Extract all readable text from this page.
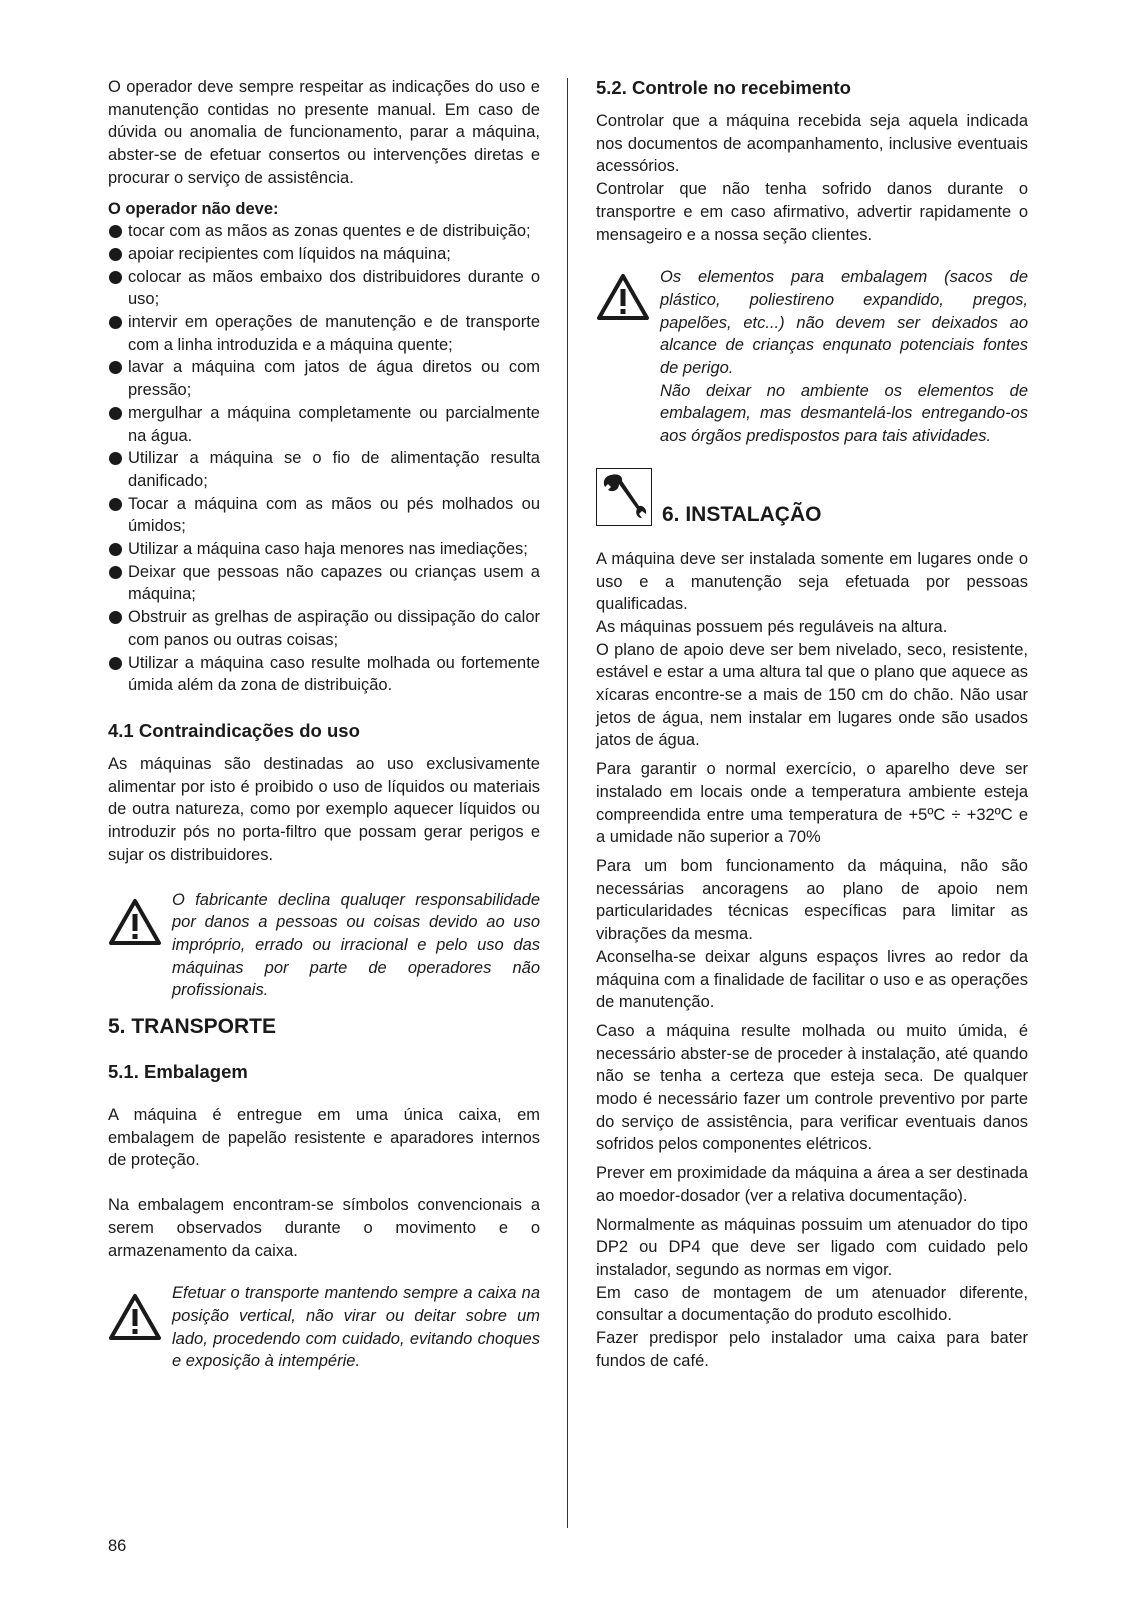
O operador deve sempre respeitar as indicações do uso e manutenção contidas no presente manual. Em caso de dúvida ou anomalia de funcionamento, parar a máquina, abster-se de efetuar consertos ou intervenções diretas e procurar o serviço de assistência.

O operador não deve:

tocar com as mãos as zonas quentes e de distribuição;
apoiar recipientes com líquidos na máquina;
colocar as mãos embaixo dos distribuidores durante o uso;
intervir em operações de manutenção e de transporte com a linha introduzida e a máquina quente;
lavar a máquina com jatos de água diretos ou com pressão;
mergulhar a máquina completamente ou parcialmente na água.
Utilizar a máquina se o fio de alimentação resulta danificado;
Tocar a máquina com as mãos ou pés molhados ou úmidos;
Utilizar a máquina caso haja menores nas imediações;
Deixar que pessoas não capazes ou crianças usem a máquina;
Obstruir as grelhas de aspiração ou dissipação do calor com panos ou outras coisas;
Utilizar a máquina caso resulte molhada ou fortemente úmida além da zona de distribuição.
4.1 Contraindicações do uso

As máquinas são destinadas ao uso exclusivamente alimentar por isto é proibido o uso de líquidos ou materiais de outra natureza, como por exemplo aquecer líquidos ou introduzir pós no porta-filtro que possam gerar perigos e sujar os distribuidores.

O fabricante declina qualuqer responsabilidade por danos a pessoas ou coisas devido ao uso impróprio, errado ou irracional e pelo uso das máquinas por parte de operadores não profissionais.

5. TRANSPORTE
5.1. Embalagem

A máquina é entregue em uma única caixa, em embalagem de papelão resistente e aparadores internos de proteção.

Na embalagem encontram-se símbolos convencionais a serem observados durante o movimento e o armazenamento da caixa.

Efetuar o transporte mantendo sempre a caixa na posição vertical, não virar ou deitar sobre um lado, procedendo com cuidado, evitando choques e exposição à intempérie.

5.2. Controle no recebimento

Controlar que a máquina recebida seja aquela indicada nos documentos de acompanhamento, inclusive eventuais acessórios.

Controlar que não tenha sofrido danos durante o transportre e em caso afirmativo, advertir rapidamente o mensageiro e a nossa seção clientes.

Os elementos para embalagem (sacos de plástico, poliestireno expandido, pregos, papelões, etc...) não devem ser deixados ao alcance de crianças enqunato potenciais fontes de perigo.

Não deixar no ambiente os elementos de embalagem, mas desmantelá-los entregando-os aos órgãos predispostos para tais atividades.

6. INSTALAÇÃO

A máquina deve ser instalada somente em lugares onde o uso e a manutenção seja efetuada por pessoas qualificadas.

As máquinas possuem pés reguláveis na altura.

O plano de apoio deve ser bem nivelado, seco, resistente, estável e estar a uma altura tal que o plano que aquece as xícaras encontre-se a mais de 150 cm do chão. Não usar jetos de água, nem instalar em lugares onde são usados jatos de água.

Para garantir o normal exercício, o aparelho deve ser instalado em locais onde a temperatura ambiente esteja compreendida entre uma temperatura de +5ºC ÷ +32ºC e a umidade não superior a 70%

Para um bom funcionamento da máquina, não são necessárias ancoragens ao plano de apoio nem particularidades técnicas específicas para limitar as vibrações da mesma.

Aconselha-se deixar alguns espaços livres ao redor da máquina com a finalidade de facilitar o uso e as operações de manutenção.

Caso a máquina resulte molhada ou muito úmida, é necessário abster-se de proceder à instalação, até quando não se tenha a certeza que esteja seca. De qualquer modo é necessário fazer um controle preventivo por parte do serviço de assistência, para verificar eventuais danos sofridos pelos componentes elétricos.

Prever em proximidade da máquina a área a ser destinada ao moedor-dosador (ver a relativa documentação).

Normalmente as máquinas possuim um atenuador do tipo DP2 ou DP4 que deve ser ligado com cuidado pelo instalador, segundo as normas em vigor.

Em caso de montagem de um atenuador diferente, consultar a documentação do produto escolhido.

Fazer predispor pelo instalador uma caixa para bater fundos de café.

86
